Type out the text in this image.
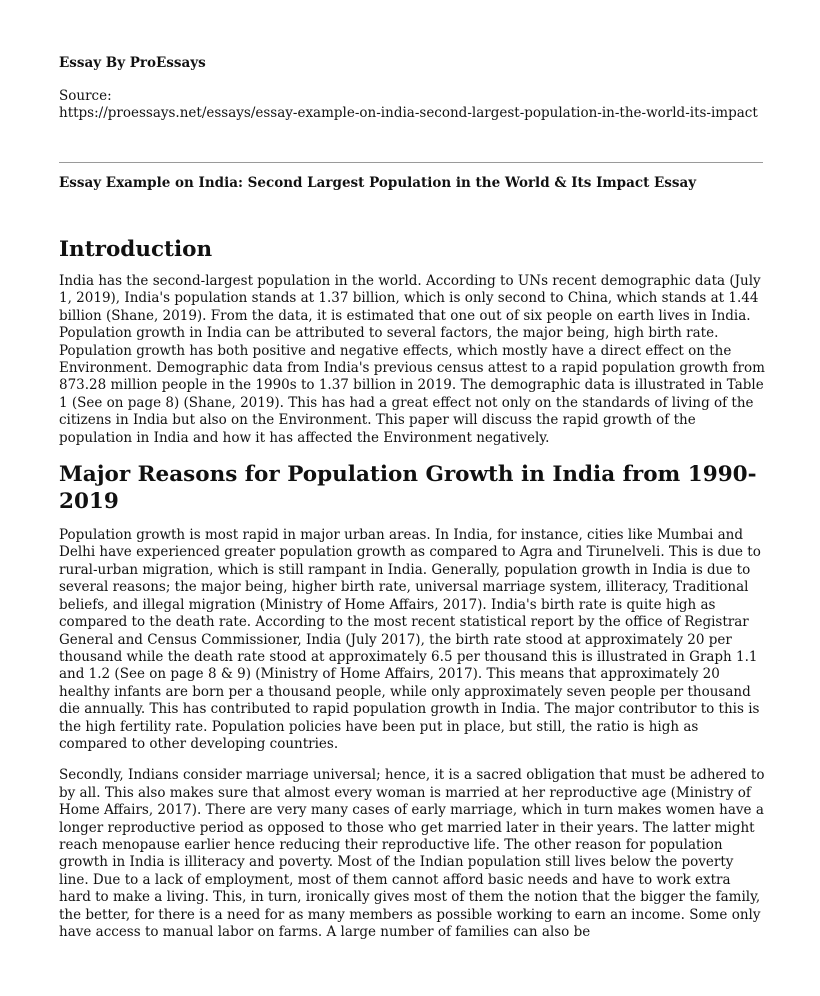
Essay By ProEssays

Source:
https://proessays.net/essays/essay-example-on-india-second-largest-population-in-the-world-its-impact

Essay Example on India: Second Largest Population in the World & Its Impact Essay

Introduction

India has the second-largest population in the world. According to UNs recent demographic data (July 1, 2019), India's population stands at 1.37 billion, which is only second to China, which stands at 1.44 billion (Shane, 2019). From the data, it is estimated that one out of six people on earth lives in India. Population growth in India can be attributed to several factors, the major being, high birth rate. Population growth has both positive and negative effects, which mostly have a direct effect on the Environment. Demographic data from India's previous census attest to a rapid population growth from 873.28 million people in the 1990s to 1.37 billion in 2019. The demographic data is illustrated in Table 1 (See on page 8) (Shane, 2019). This has had a great effect not only on the standards of living of the citizens in India but also on the Environment. This paper will discuss the rapid growth of the population in India and how it has affected the Environment negatively.

Major Reasons for Population Growth in India from 1990-2019

Population growth is most rapid in major urban areas. In India, for instance, cities like Mumbai and Delhi have experienced greater population growth as compared to Agra and Tirunelveli. This is due to rural-urban migration, which is still rampant in India. Generally, population growth in India is due to several reasons; the major being, higher birth rate, universal marriage system, illiteracy, Traditional beliefs, and illegal migration (Ministry of Home Affairs, 2017). India's birth rate is quite high as compared to the death rate. According to the most recent statistical report by the office of Registrar General and Census Commissioner, India (July 2017), the birth rate stood at approximately 20 per thousand while the death rate stood at approximately 6.5 per thousand this is illustrated in Graph 1.1 and 1.2 (See on page 8 & 9) (Ministry of Home Affairs, 2017). This means that approximately 20 healthy infants are born per a thousand people, while only approximately seven people per thousand die annually. This has contributed to rapid population growth in India. The major contributor to this is the high fertility rate. Population policies have been put in place, but still, the ratio is high as compared to other developing countries.

Secondly, Indians consider marriage universal; hence, it is a sacred obligation that must be adhered to by all. This also makes sure that almost every woman is married at her reproductive age (Ministry of Home Affairs, 2017). There are very many cases of early marriage, which in turn makes women have a longer reproductive period as opposed to those who get married later in their years. The latter might reach menopause earlier hence reducing their reproductive life. The other reason for population growth in India is illiteracy and poverty. Most of the Indian population still lives below the poverty line. Due to a lack of employment, most of them cannot afford basic needs and have to work extra hard to make a living. This, in turn, ironically gives most of them the notion that the bigger the family, the better, for there is a need for as many members as possible working to earn an income. Some only have access to manual labor on farms. A large number of families can also be
